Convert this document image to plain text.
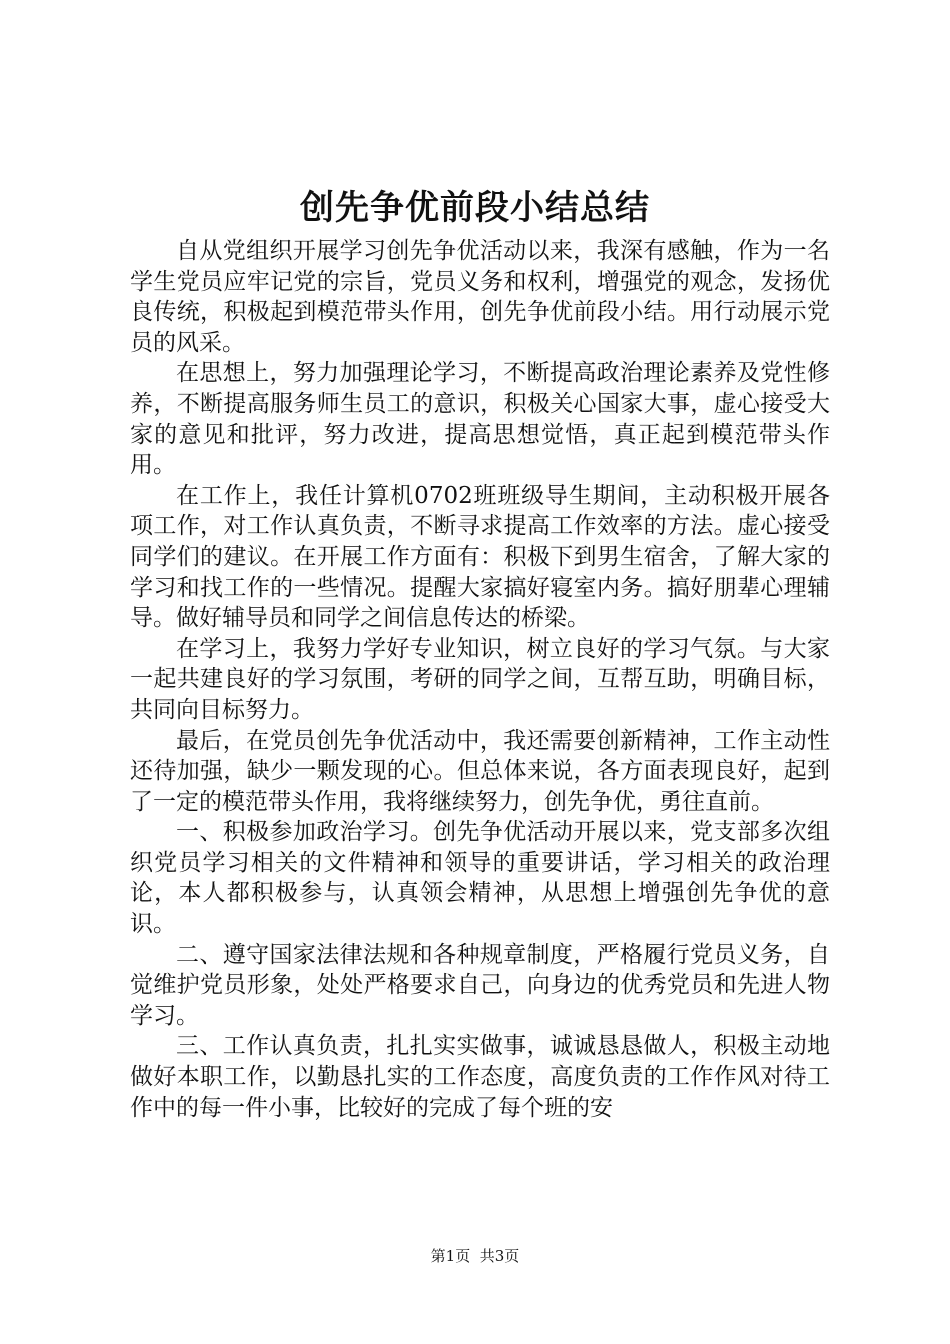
创先争优前段小结总结

自从党组织开展学习创先争优活动以来，我深有感触，作为一名学生党员应牢记党的宗旨，党员义务和权利，增强党的观念，发扬优良传统，积极起到模范带头作用，创先争优前段小结。用行动展示党员的风采。

在思想上，努力加强理论学习，不断提高政治理论素养及党性修养，不断提高服务师生员工的意识，积极关心国家大事，虚心接受大家的意见和批评，努力改进，提高思想觉悟，真正起到模范带头作用。

在工作上，我任计算机0702班班级导生期间，主动积极开展各项工作，对工作认真负责，不断寻求提高工作效率的方法。虚心接受同学们的建议。在开展工作方面有：积极下到男生宿舍，了解大家的学习和找工作的一些情况。提醒大家搞好寝室内务。搞好朋辈心理辅导。做好辅导员和同学之间信息传达的桥梁。

在学习上，我努力学好专业知识，树立良好的学习气氛。与大家一起共建良好的学习氛围，考研的同学之间，互帮互助，明确目标，共同向目标努力。

最后，在党员创先争优活动中，我还需要创新精神，工作主动性还待加强，缺少一颗发现的心。但总体来说，各方面表现良好，起到了一定的模范带头作用，我将继续努力，创先争优，勇往直前。

一、积极参加政治学习。创先争优活动开展以来，党支部多次组织党员学习相关的文件精神和领导的重要讲话，学习相关的政治理论，本人都积极参与，认真领会精神，从思想上增强创先争优的意识。

二、遵守国家法律法规和各种规章制度，严格履行党员义务，自觉维护党员形象，处处严格要求自己，向身边的优秀党员和先进人物学习。

三、工作认真负责，扎扎实实做事，诚诚恳恳做人，积极主动地做好本职工作，以勤恳扎实的工作态度，高度负责的工作作风对待工作中的每一件小事，比较好的完成了每个班的安

第1页 共3页
